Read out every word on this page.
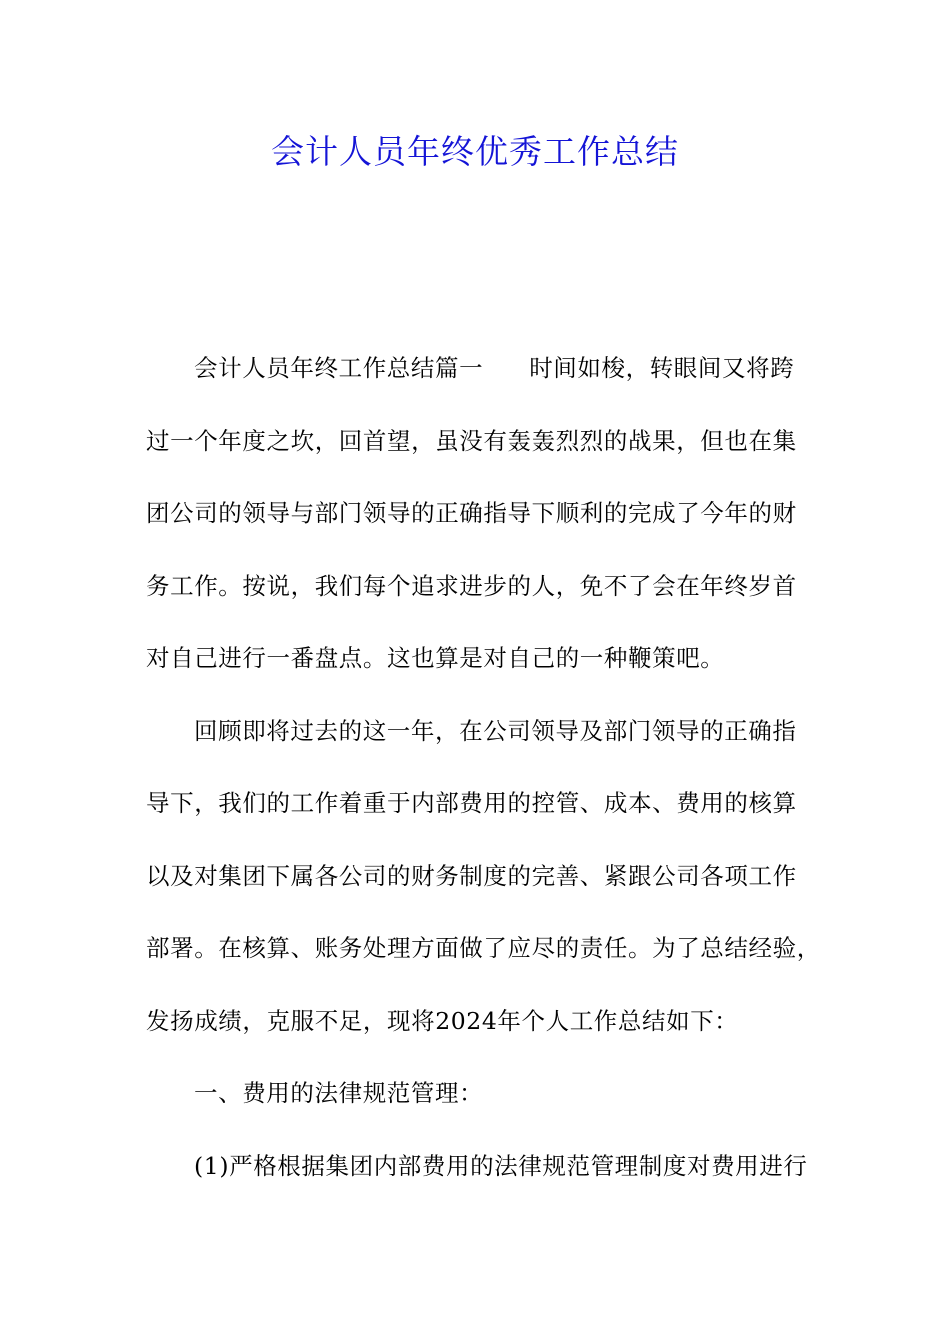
会计人员年终优秀工作总结
会计人员年终工作总结篇一 时间如梭，转眼间又将跨
过一个年度之坎，回首望，虽没有轰轰烈烈的战果，但也在集
团公司的领导与部门领导的正确指导下顺利的完成了今年的财
务工作。按说，我们每个追求进步的人，免不了会在年终岁首
对自己进行一番盘点。这也算是对自己的一种鞭策吧。
回顾即将过去的这一年，在公司领导及部门领导的正确指
导下，我们的工作着重于内部费用的控管、成本、费用的核算
以及对集团下属各公司的财务制度的完善、紧跟公司各项工作
部署。在核算、账务处理方面做了应尽的责任。为了总结经验，
发扬成绩，克服不足，现将2024年个人工作总结如下：
一、费用的法律规范管理：
(1)严格根据集团内部费用的法律规范管理制度对费用进行
